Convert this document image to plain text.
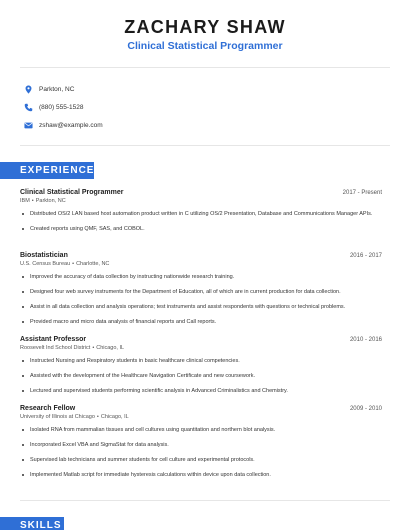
ZACHARY SHAW
Clinical Statistical Programmer
Parkton, NC
(880) 555-1528
zshaw@example.com
EXPERIENCE
Clinical Statistical Programmer	2017 - Present
IBM • Parkton, NC
Distributed OS/2 LAN based host automation product written in C utilizing OS/2 Presentation, Database and Communications Manager APIs.
Created reports using QMF, SAS, and COBOL.
Biostatistician	2016 - 2017
U.S. Census Bureau • Charlotte, NC
Improved the accuracy of data collection by instructing nationwide research training.
Designed four web survey instruments for the Department of Education, all of which are in current production for data collection.
Assist in all data collection and analysis operations; test instruments and assist respondents with questions or technical problems.
Provided macro and micro data analysis of financial reports and Call reports.
Assistant Professor	2010 - 2016
Roosevelt Ind School District • Chicago, IL
Instructed Nursing and Respiratory students in basic healthcare clinical competencies.
Assisted with the development of the Healthcare Navigation Certificate and new coursework.
Lectured and supervised students performing scientific analysis in Advanced Criminalistics and Chemistry.
Research Fellow	2009 - 2010
University of Illinois at Chicago • Chicago, IL
Isolated RNA from mammalian tissues and cell cultures using quantitation and northern blot analysis.
Incorporated Excel VBA and SigmaStat for data analysis.
Supervised lab technicians and summer students for cell culture and experimental protocols.
Implemented Matlab script for immediate hysteresis calculations within device upon data collection.
SKILLS
